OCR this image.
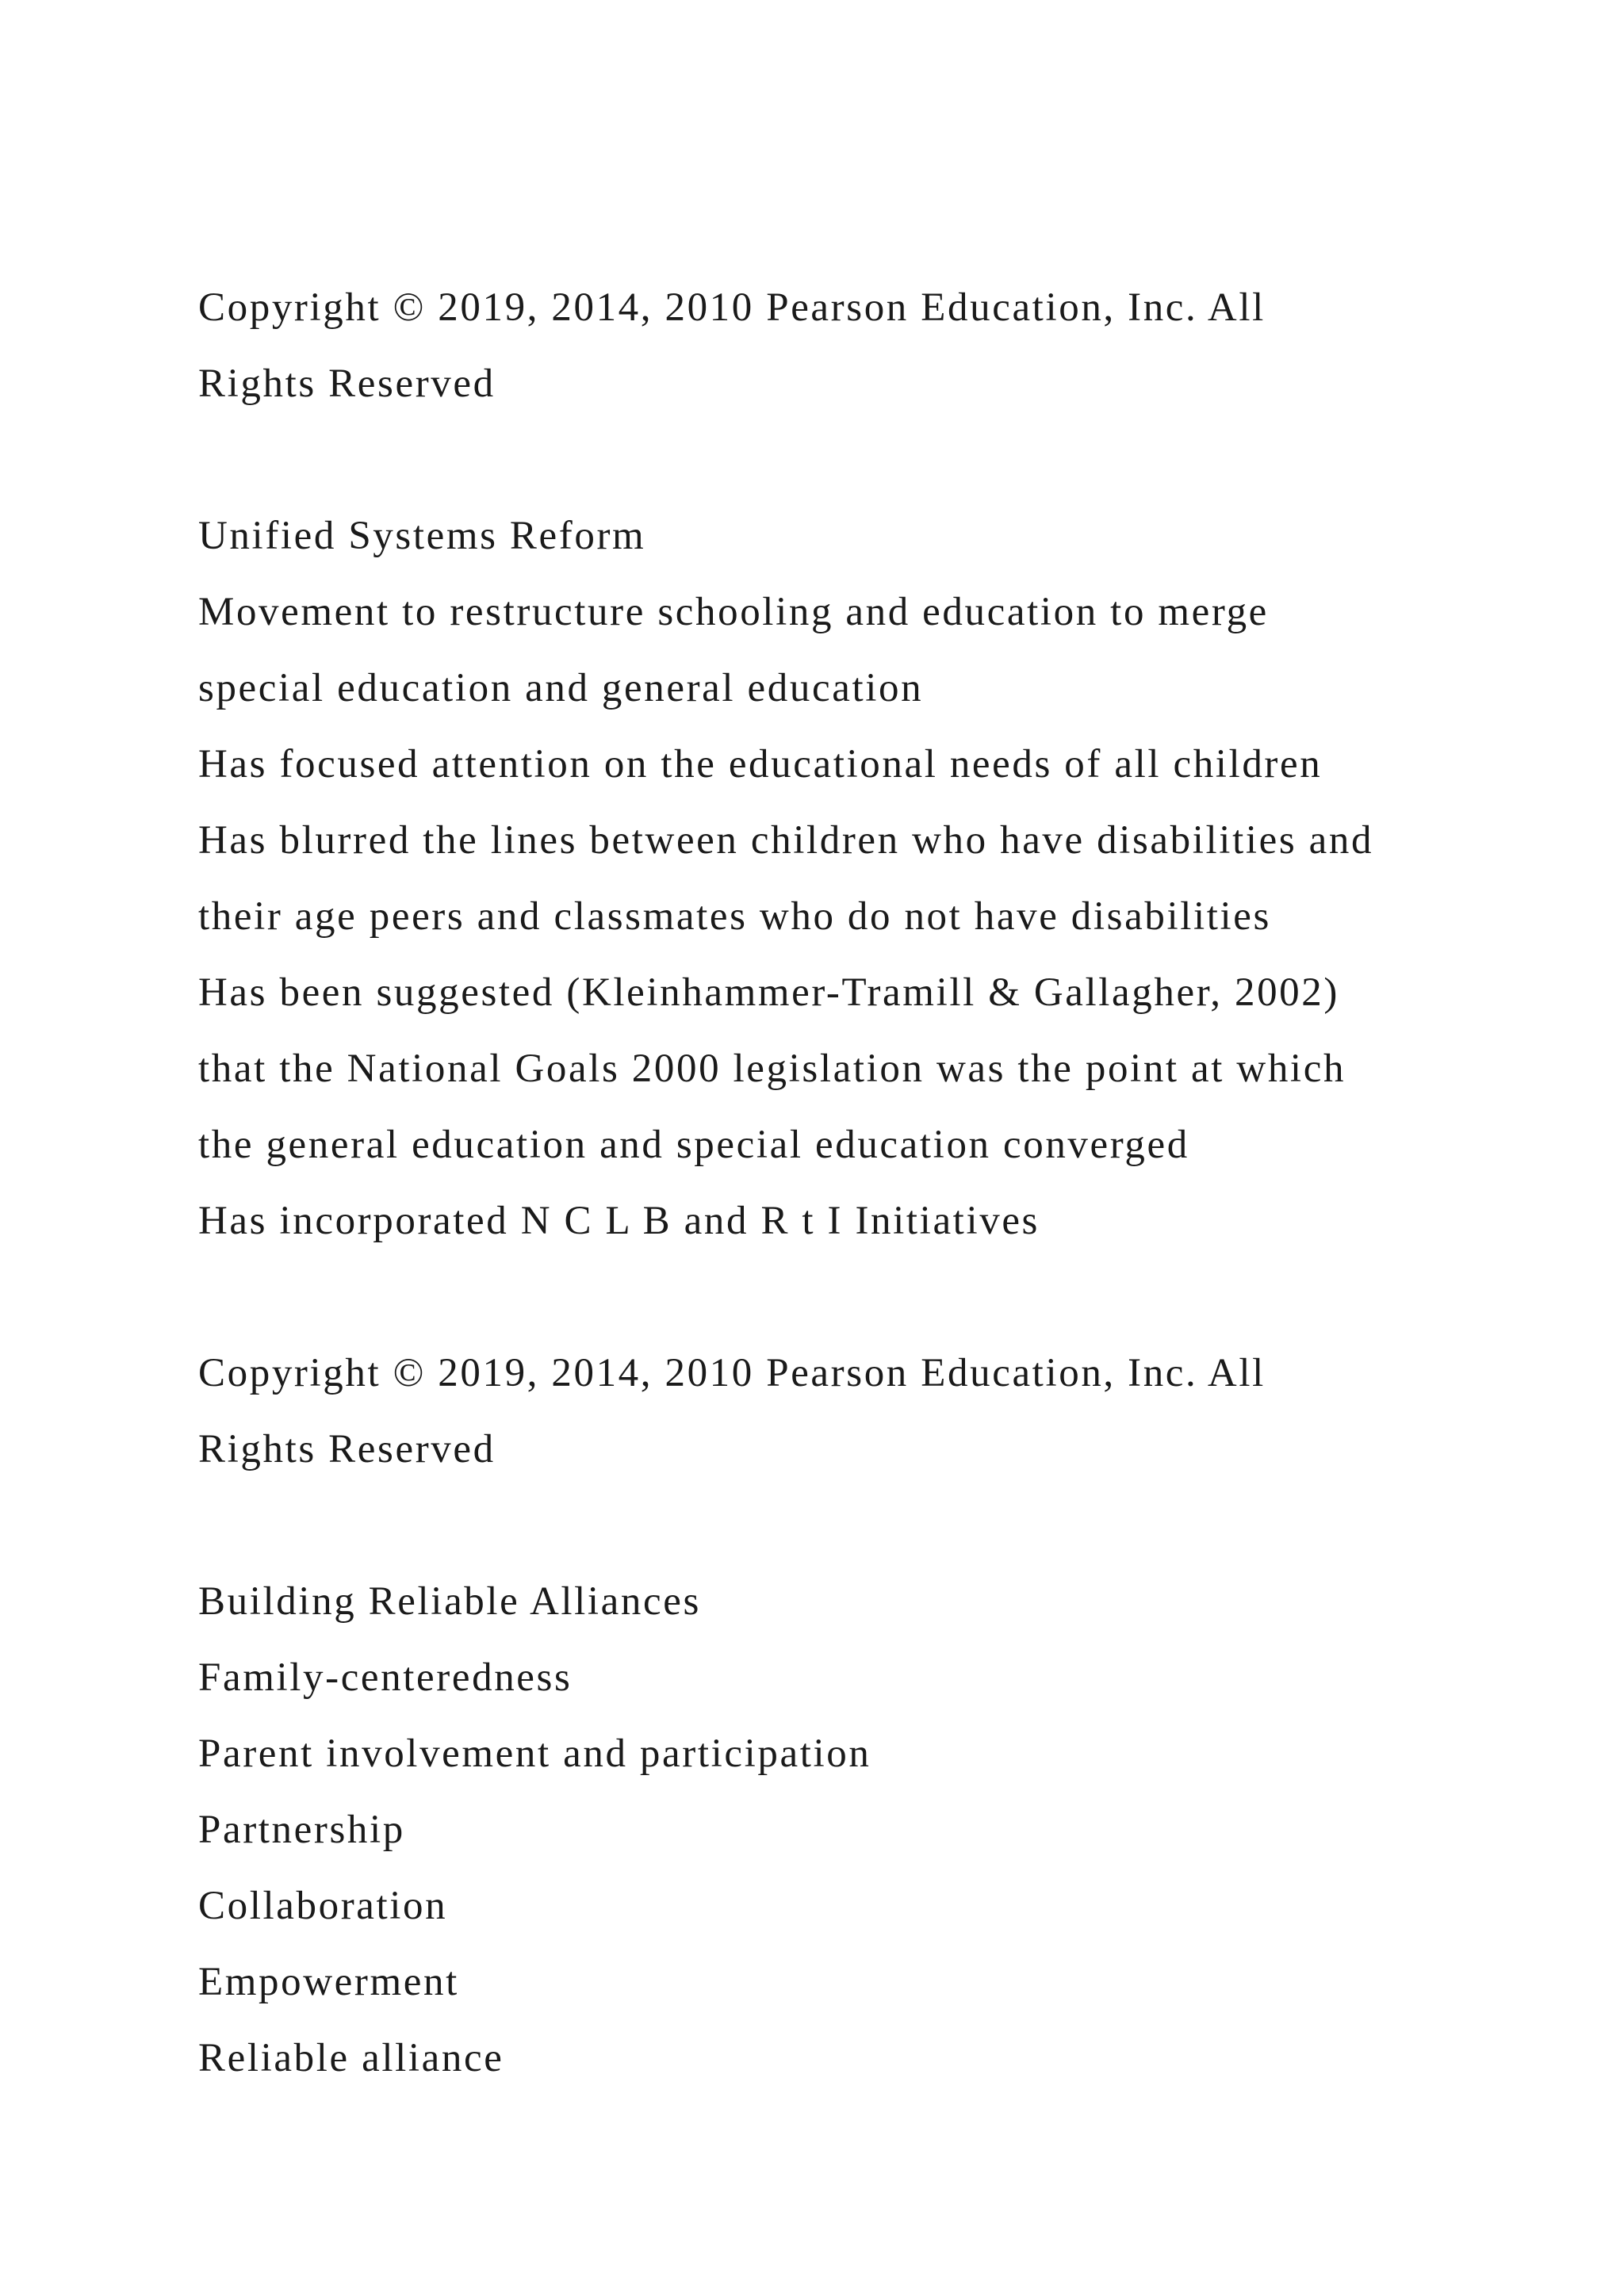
Copyright © 2019, 2014, 2010 Pearson Education, Inc. All
Rights Reserved
Unified Systems Reform
Movement to restructure schooling and education to merge
special education and general education
Has focused attention on the educational needs of all children
Has blurred the lines between children who have disabilities and
their age peers and classmates who do not have disabilities
Has been suggested (Kleinhammer-Tramill & Gallagher, 2002)
that the National Goals 2000 legislation was the point at which
the general education and special education converged
Has incorporated N C L B and R t I Initiatives
Copyright © 2019, 2014, 2010 Pearson Education, Inc. All
Rights Reserved
Building Reliable Alliances
Family-centeredness
Parent involvement and participation
Partnership
Collaboration
Empowerment
Reliable alliance
